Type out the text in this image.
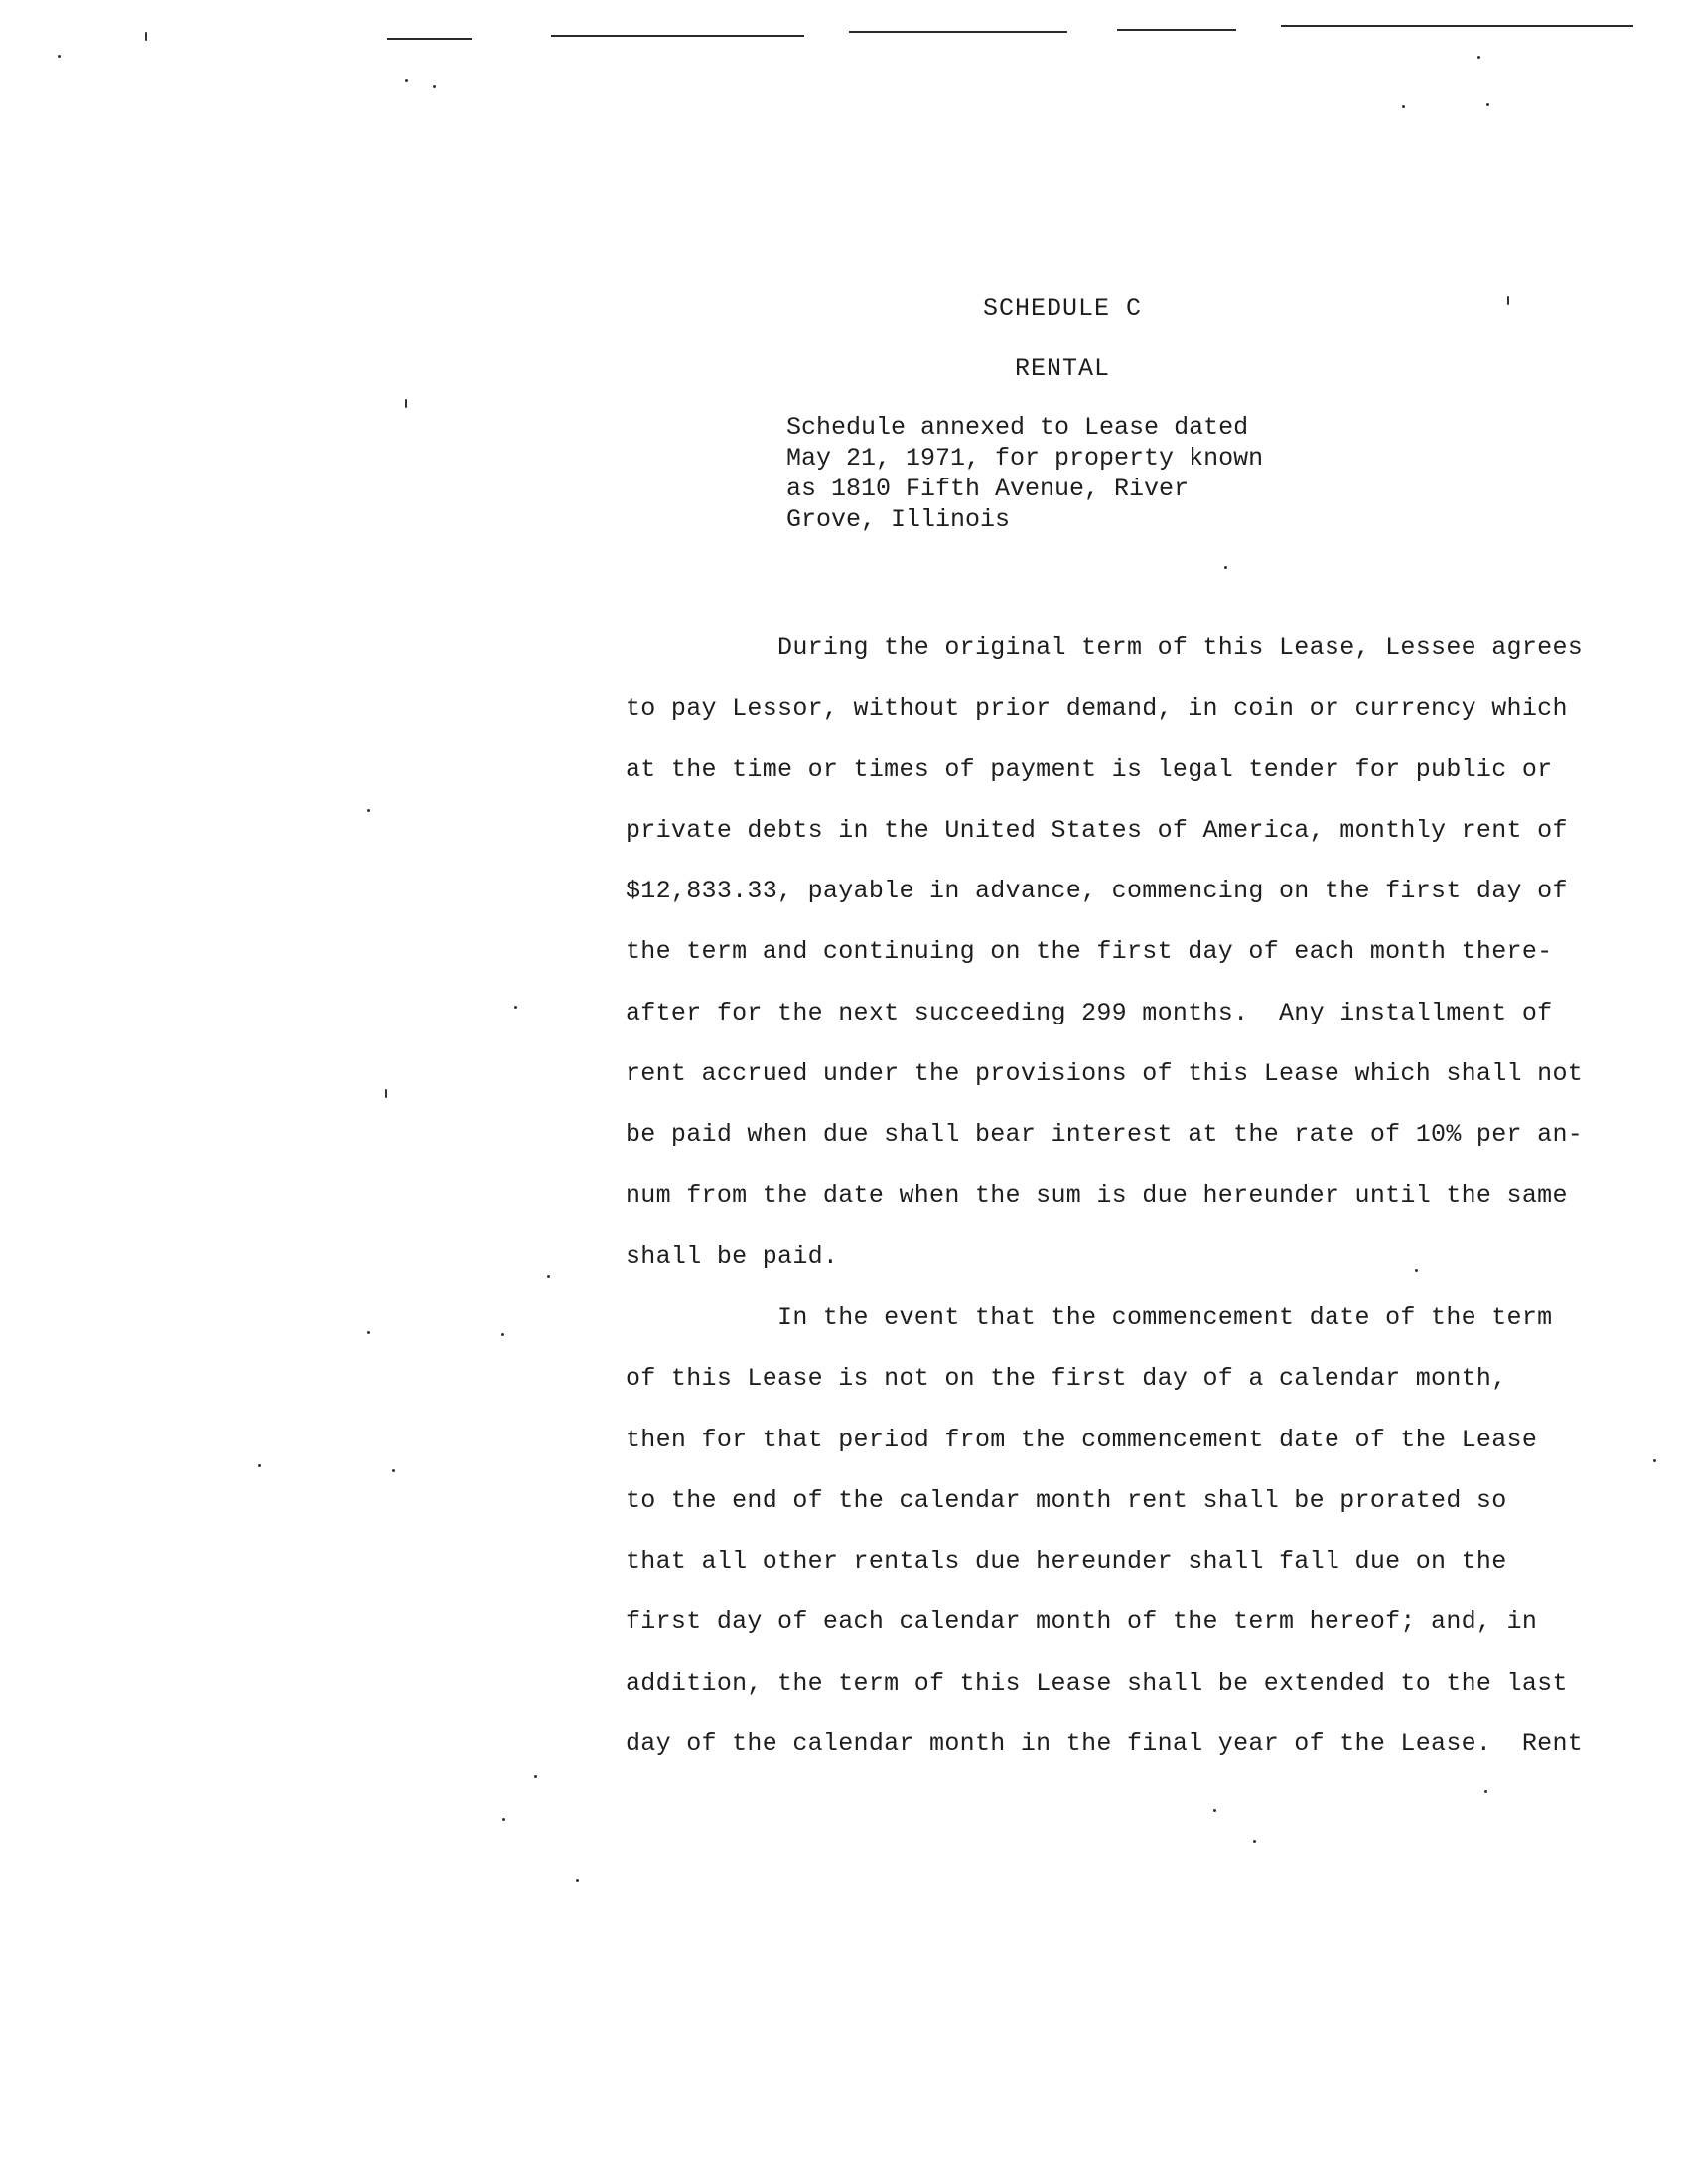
SCHEDULE C
RENTAL
Schedule annexed to Lease dated
May 21, 1971, for property known
as 1810 Fifth Avenue, River
Grove, Illinois
During the original term of this Lease, Lessee agrees
to pay Lessor, without prior demand, in coin or currency which
at the time or times of payment is legal tender for public or
private debts in the United States of America, monthly rent of
$12,833.33, payable in advance, commencing on the first day of
the term and continuing on the first day of each month there-
after for the next succeeding 299 months.  Any installment of
rent accrued under the provisions of this Lease which shall not
be paid when due shall bear interest at the rate of 10% per an-
num from the date when the sum is due hereunder until the same
shall be paid.
In the event that the commencement date of the term
of this Lease is not on the first day of a calendar month,
then for that period from the commencement date of the Lease
to the end of the calendar month rent shall be prorated so
that all other rentals due hereunder shall fall due on the
first day of each calendar month of the term hereof; and, in
addition, the term of this Lease shall be extended to the last
day of the calendar month in the final year of the Lease.  Rent
